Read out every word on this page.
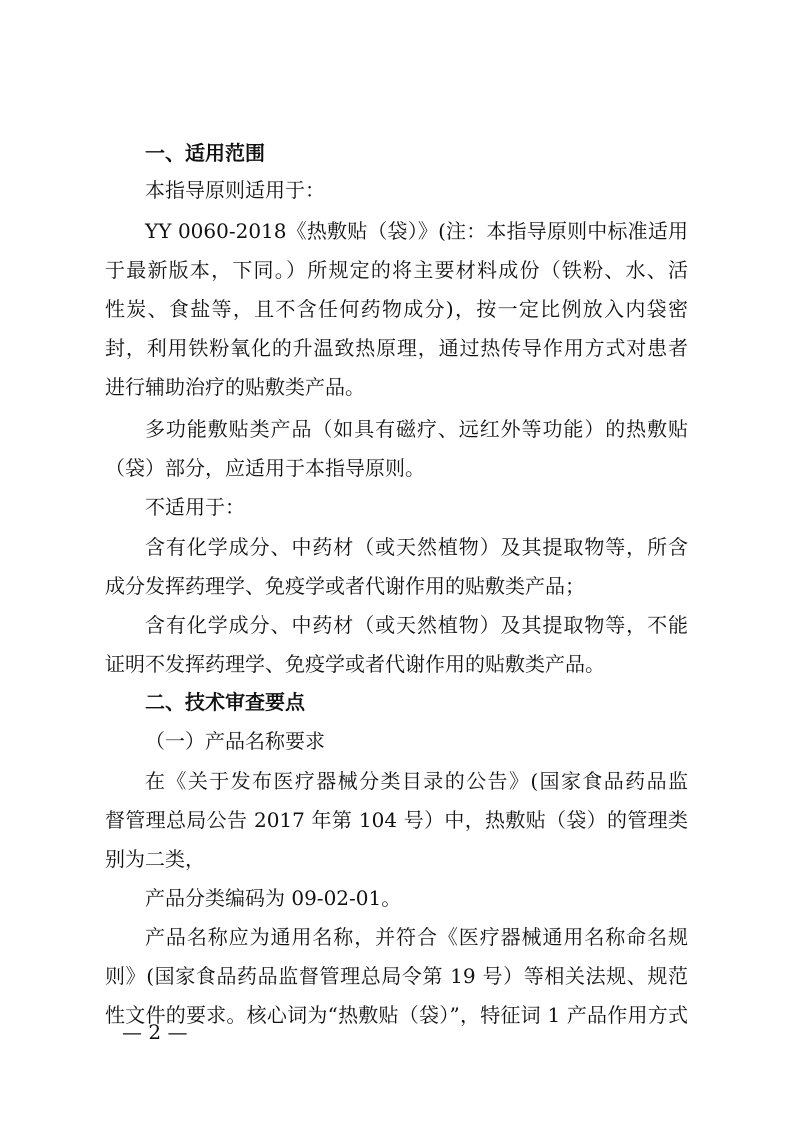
一、适用范围
本指导原则适用于：
YY 0060-2018《热敷贴（袋）》(注：本指导原则中标准适用
于最新版本，下同。）所规定的将主要材料成份（铁粉、水、活
性炭、食盐等，且不含任何药物成分)，按一定比例放入内袋密
封，利用铁粉氧化的升温致热原理，通过热传导作用方式对患者
进行辅助治疗的贴敷类产品。
多功能敷贴类产品（如具有磁疗、远红外等功能）的热敷贴
（袋）部分，应适用于本指导原则。
不适用于：
含有化学成分、中药材（或天然植物）及其提取物等，所含
成分发挥药理学、免疫学或者代谢作用的贴敷类产品；
含有化学成分、中药材（或天然植物）及其提取物等，不能
证明不发挥药理学、免疫学或者代谢作用的贴敷类产品。
二、技术审查要点
（一）产品名称要求
在《关于发布医疗器械分类目录的公告》(国家食品药品监
督管理总局公告 2017 年第 104 号）中，热敷贴（袋）的管理类
别为二类，
产品分类编码为 09-02-01。
产品名称应为通用名称，并符合《医疗器械通用名称命名规
则》(国家食品药品监督管理总局令第 19 号）等相关法规、规范
性文件的要求。核心词为“热敷贴（袋）”，特征词 1 产品作用方式
— 2 —
